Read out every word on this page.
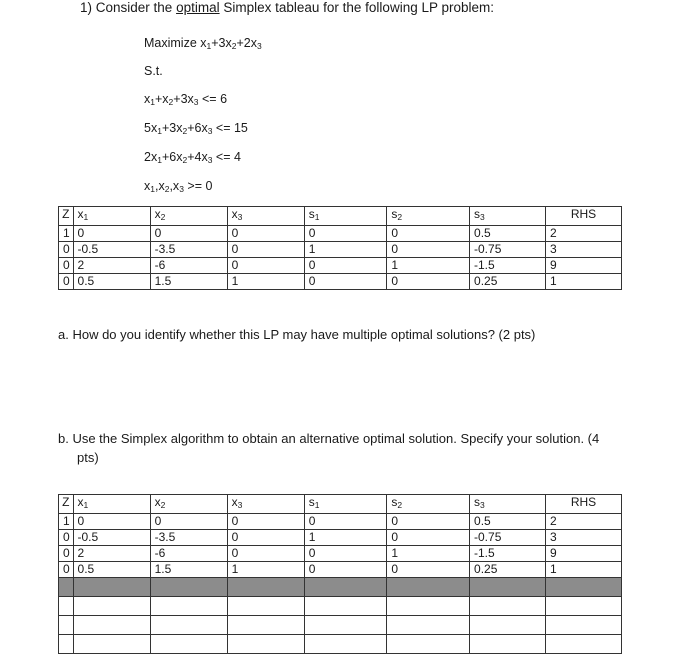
1) Consider the optimal Simplex tableau for the following LP problem:
Maximize $x_1+3x_2+2x_3$
S.t.
$x_1+x_2+3x_3 <= 6$
$5x_1+3x_2+6x_3 <= 15$
$2x_1+6x_2+4x_3 <= 4$
$x_1,x_2,x_3 >= 0$
Z	$x_1$	$x_2$	$x_3$	$s_1$	$s_2$	$s_3$	RHS
1	0	0	0	0	0	0.5	2
0	-0.5	-3.5	0	1	0	-0.75	3
0	2	-6	0	0	1	-1.5	9
0	0.5	1.5	1	0	0	0.25	1
a. How do you identify whether this LP may have multiple optimal solutions? (2 pts)
b. Use the Simplex algorithm to obtain an alternative optimal solution. Specify your solution. (4
pts)
Z	$x_1$	$x_2$	$x_3$	$s_1$	$s_2$	$s_3$	RHS
1	0	0	0	0	0	0.5	2
0	-0.5	-3.5	0	1	0	-0.75	3
0	2	-6	0	0	1	-1.5	9
0	0.5	1.5	1	0	0	0.25	1
